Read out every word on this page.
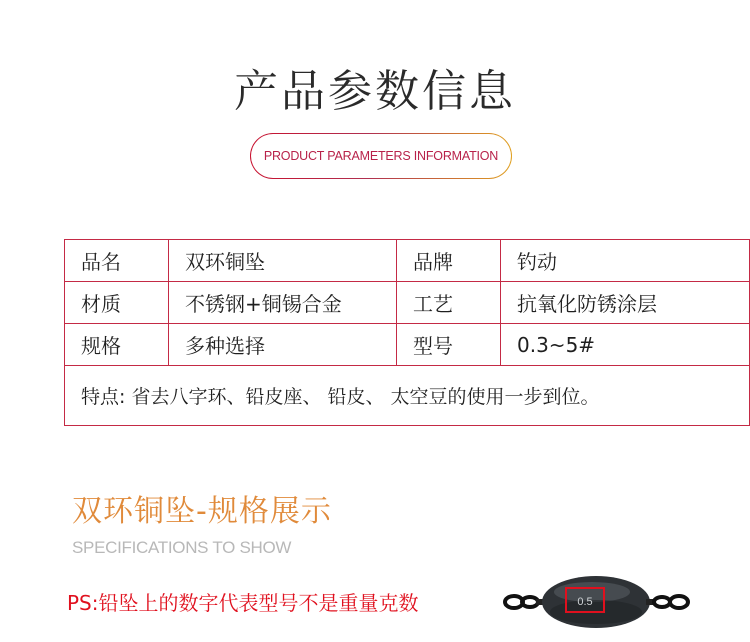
产品参数信息
PRODUCT PARAMETERS INFORMATION
品名	双环铜坠	品牌	钓动
材质	不锈钢+铜锡合金	工艺	抗氧化防锈涂层
规格	多种选择	型号	0.3~5#
特点: 省去八字环、铅皮座、 铅皮、 太空豆的使用一步到位。			
双环铜坠-规格展示
SPECIFICATIONS TO SHOW
PS:铅坠上的数字代表型号不是重量克数	0.5
